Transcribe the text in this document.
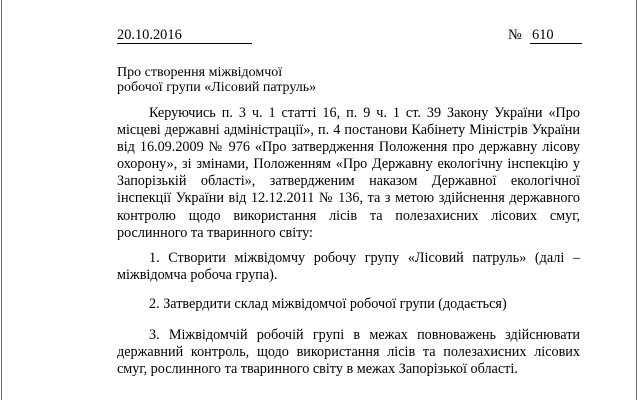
20.10.2016	№ 610
Про створення міжвідомчої
робочої групи «Лісовий патруль»
Керуючись п. 3 ч. 1 статті 16, п. 9 ч. 1 ст. 39 Закону України «Про місцеві державні адміністрації», п. 4 постанови Кабінету Міністрів України від 16.09.2009 № 976 «Про затвердження Положення про державну лісову охорону», зі змінами, Положенням «Про Державну екологічну інспекцію у Запорізькій області», затвердженим наказом Державної екологічної інспекції України від 12.12.2011 № 136, та з метою здійснення державного контролю щодо використання лісів та полезахисних лісових смуг, рослинного та тваринного світу:
1. Створити міжвідомчу робочу групу «Лісовий патруль» (далі – міжвідомча робоча група).
2. Затвердити склад міжвідомчої робочої групи (додається)
3. Міжвідомчій робочій групі в межах повноважень здійснювати державний контроль, щодо використання лісів та полезахисних лісових смуг, рослинного та тваринного світу в межах Запорізької області.
